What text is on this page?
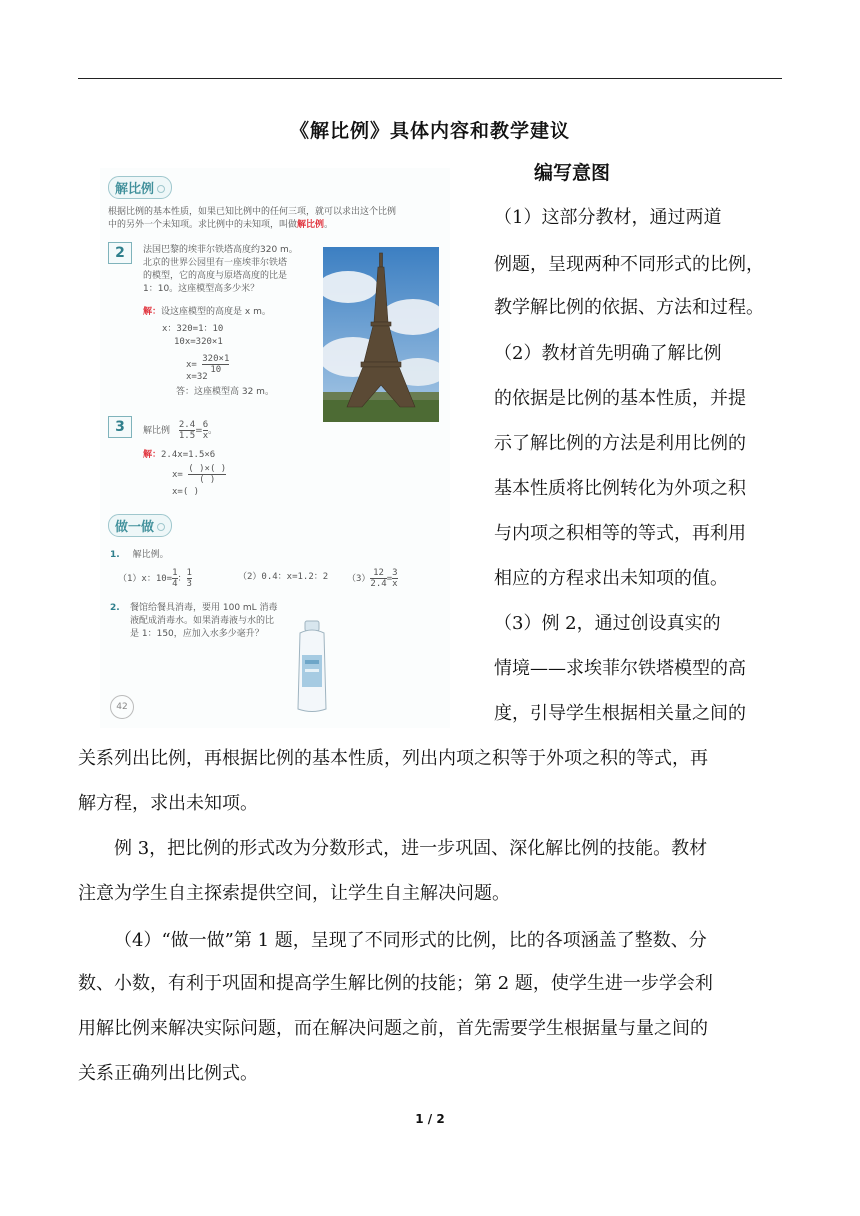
《解比例》具体内容和教学建议
编写意图
解比例
根据比例的基本性质，如果已知比例中的任何三项，就可以求出这个比例
中的另外一个未知项。求比例中的未知项，叫做解比例。
2	法国巴黎的埃菲尔铁塔高度约320 m。
北京的世界公园里有一座埃菲尔铁塔
的模型，它的高度与原塔高度的比是
1：10。这座模型高多少米？
解：设这座模型的高度是 x m。
x：320=1：10
10x=320×1
$x= \frac{320\times 1}{10}$
x=32
答：这座模型高 32 m。
3	解比例 $\frac{2.4}{1.5} = \frac{6}{x}$ 。
解：2.4x=1.5×6
x=
( )×( )
( )
x=( )
做一做
1. 解比例。
（1）x：$10= \frac{1}{4}$ ： $\frac{1}{3}$	（2）0.4：x=1.2：2 $(3) \frac{12}{2.4} = \frac{3}{x}$
2. 餐馆给餐具消毒，要用 100 mL 消毒
液配成消毒水。如果消毒液与水的比
是 1：150，应加入水多少毫升？
42
（1）这部分教材，通过两道
例题，呈现两种不同形式的比例，
教学解比例的依据、方法和过程。
（2）教材首先明确了解比例
的依据是比例的基本性质，并提
示了解比例的方法是利用比例的
基本性质将比例转化为外项之积
与内项之积相等的等式，再利用
相应的方程求出未知项的值。
（3）例 2，通过创设真实的
情境——求埃菲尔铁塔模型的高
度，引导学生根据相关量之间的
关系列出比例，再根据比例的基本性质，列出内项之积等于外项之积的等式，再
解方程，求出未知项。
例 3，把比例的形式改为分数形式，进一步巩固、深化解比例的技能。教材
注意为学生自主探索提供空间，让学生自主解决问题。
（4）“做一做”第 1 题，呈现了不同形式的比例，比的各项涵盖了整数、分
数、小数，有利于巩固和提高学生解比例的技能；第 2 题，使学生进一步学会利
用解比例来解决实际问题，而在解决问题之前，首先需要学生根据量与量之间的
关系正确列出比例式。
1 / 2
